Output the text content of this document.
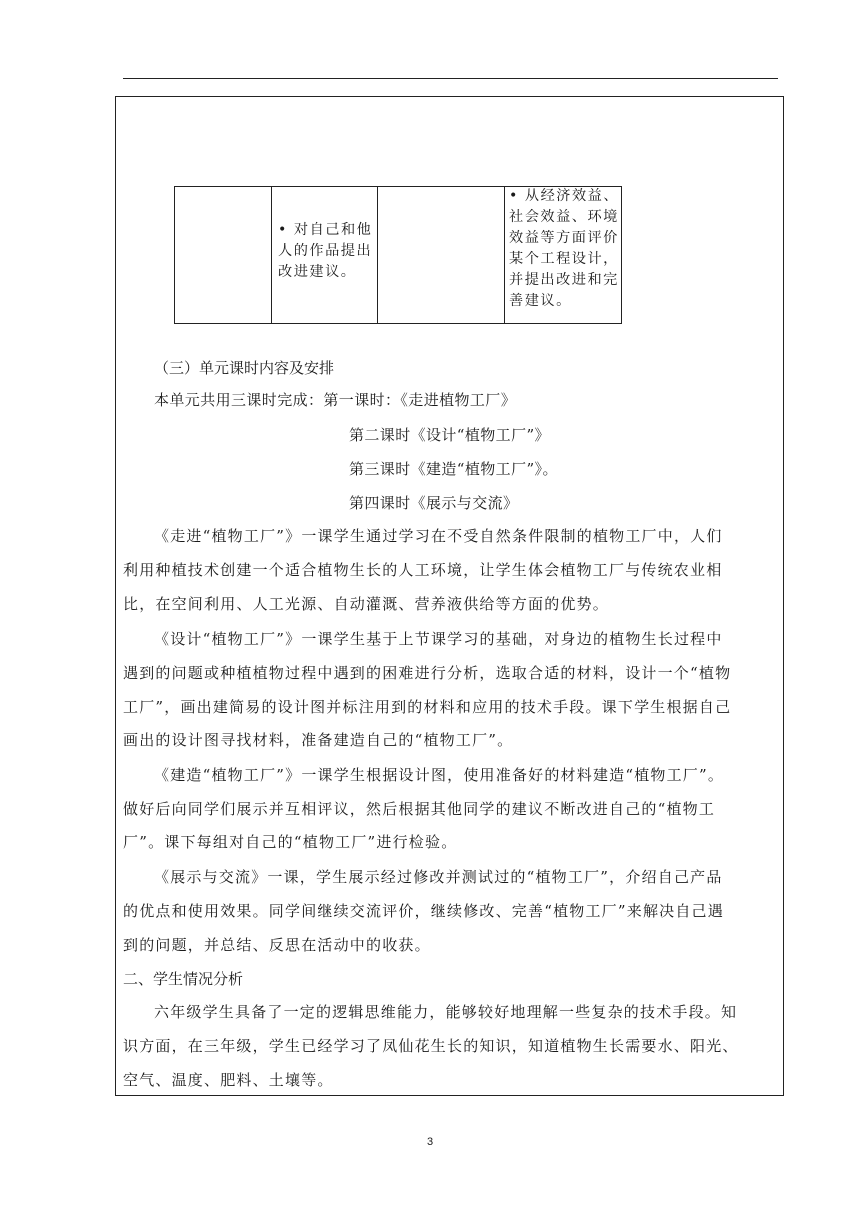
• 对自己和他
人的作品提出
改进建议。
• 从经济效益、
社会效益、环境
效益等方面评价
某个工程设计，
并提出改进和完
善建议。
（三）单元课时内容及安排
本单元共用三课时完成：第一课时：《走进植物工厂》
第二课时《设计“植物工厂”》
第三课时《建造“植物工厂”》。
第四课时《展示与交流》
《走进“植物工厂”》一课学生通过学习在不受自然条件限制的植物工厂中，人们
利用种植技术创建一个适合植物生长的人工环境，让学生体会植物工厂与传统农业相
比，在空间利用、人工光源、自动灌溉、营养液供给等方面的优势。
《设计“植物工厂”》一课学生基于上节课学习的基础，对身边的植物生长过程中
遇到的问题或种植植物过程中遇到的困难进行分析，选取合适的材料，设计一个“植物
工厂”，画出建简易的设计图并标注用到的材料和应用的技术手段。课下学生根据自己
画出的设计图寻找材料，准备建造自己的“植物工厂”。
《建造“植物工厂”》一课学生根据设计图，使用准备好的材料建造“植物工厂”。
做好后向同学们展示并互相评议，然后根据其他同学的建议不断改进自己的“植物工
厂”。课下每组对自己的“植物工厂”进行检验。
《展示与交流》一课，学生展示经过修改并测试过的“植物工厂”，介绍自己产品
的优点和使用效果。同学间继续交流评价，继续修改、完善“植物工厂”来解决自己遇
到的问题，并总结、反思在活动中的收获。
二、学生情况分析
六年级学生具备了一定的逻辑思维能力，能够较好地理解一些复杂的技术手段。知
识方面，在三年级，学生已经学习了凤仙花生长的知识，知道植物生长需要水、阳光、
空气、温度、肥料、土壤等。
3
